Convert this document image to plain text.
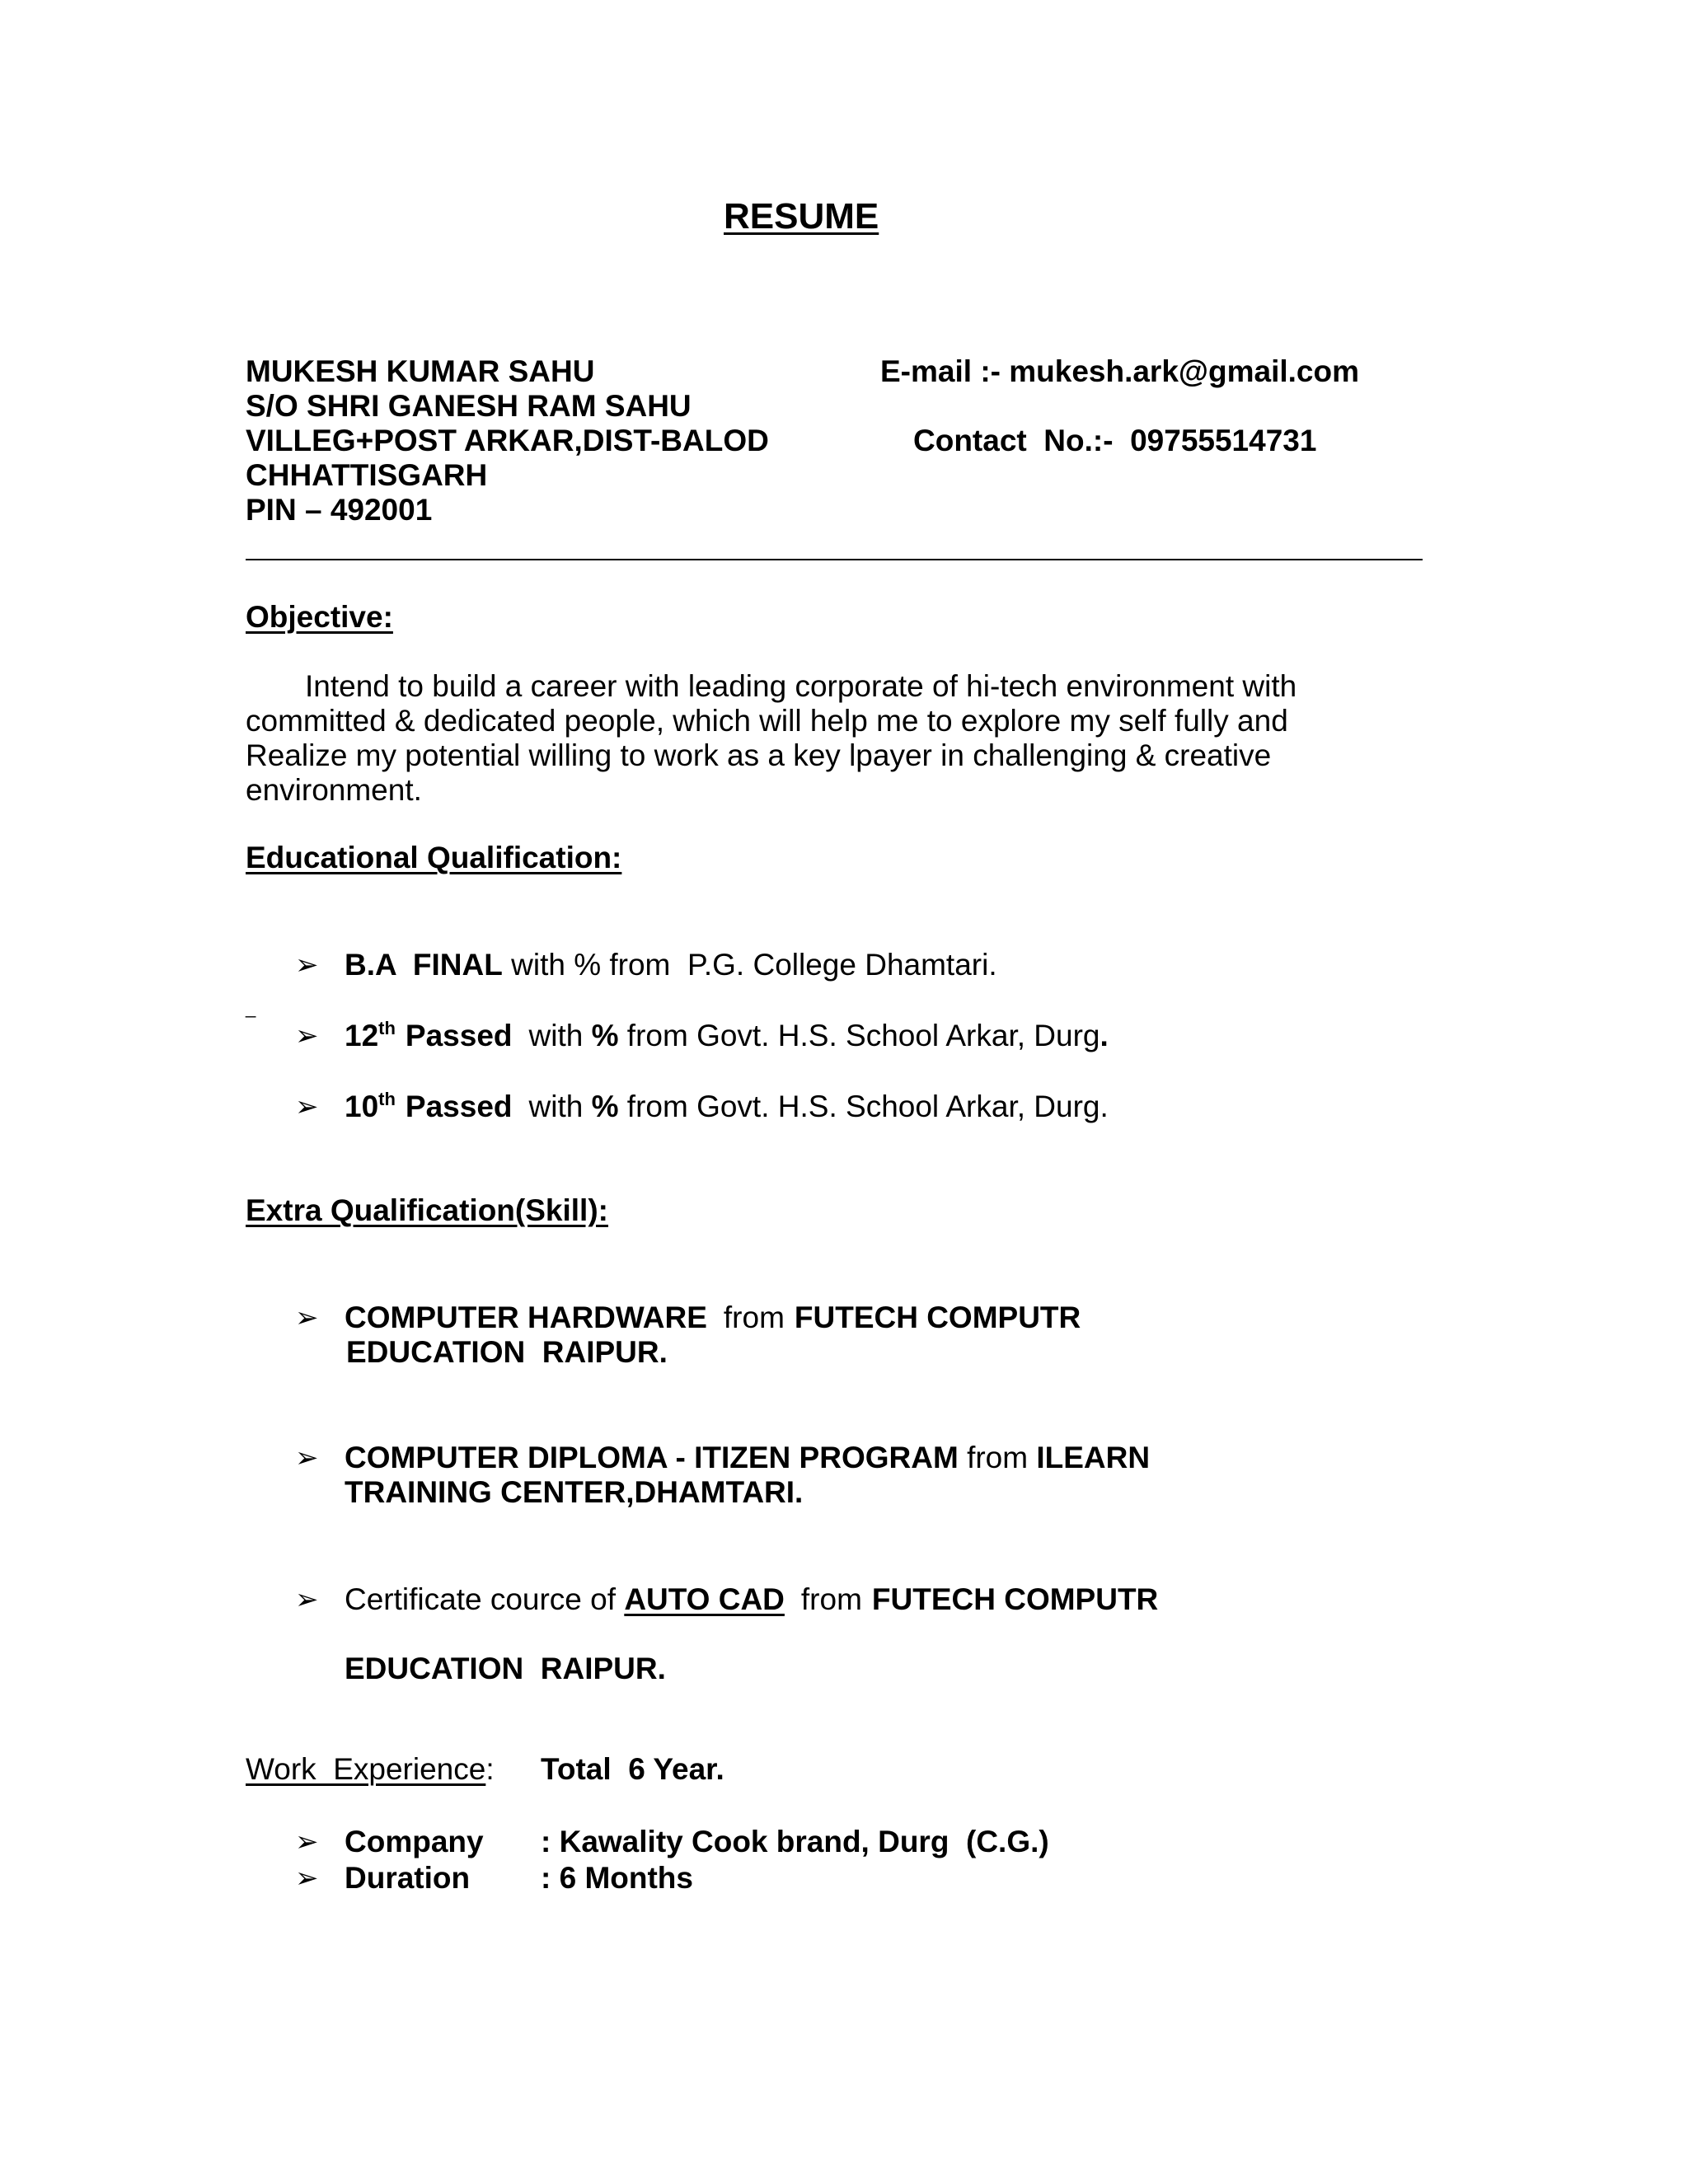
RESUME
MUKESH KUMAR SAHU
S/O SHRI GANESH RAM SAHU
VILLEG+POST ARKAR,DIST-BALOD
CHHATTISGARH
PIN – 492001
E-mail :- mukesh.ark@gmail.com
Contact  No.:-  09755514731
Objective:
Intend to build a career with leading corporate of hi-tech environment with
committed & dedicated people, which will help me to explore my self fully and
Realize my potential willing to work as a key lpayer in challenging & creative
environment.
Educational Qualification:
➢ B.A  FINAL with % from  P.G. College Dhamtari.
_
➢ 12th Passed with % from Govt. H.S. School Arkar, Durg.
➢ 10th Passed with % from Govt. H.S. School Arkar, Durg.
Extra Qualification(Skill):
➢ COMPUTER HARDWARE from FUTECH COMPUTR
EDUCATION  RAIPUR.
➢ COMPUTER DIPLOMA - ITIZEN PROGRAM from ILEARN
TRAINING CENTER,DHAMTARI.
➢ Certificate cource of AUTO CAD from FUTECH COMPUTR
EDUCATION  RAIPUR.
Work  Experience: Total  6 Year.
➢ Company : Kawality Cook brand, Durg  (C.G.)
➢ Duration : 6 Months
